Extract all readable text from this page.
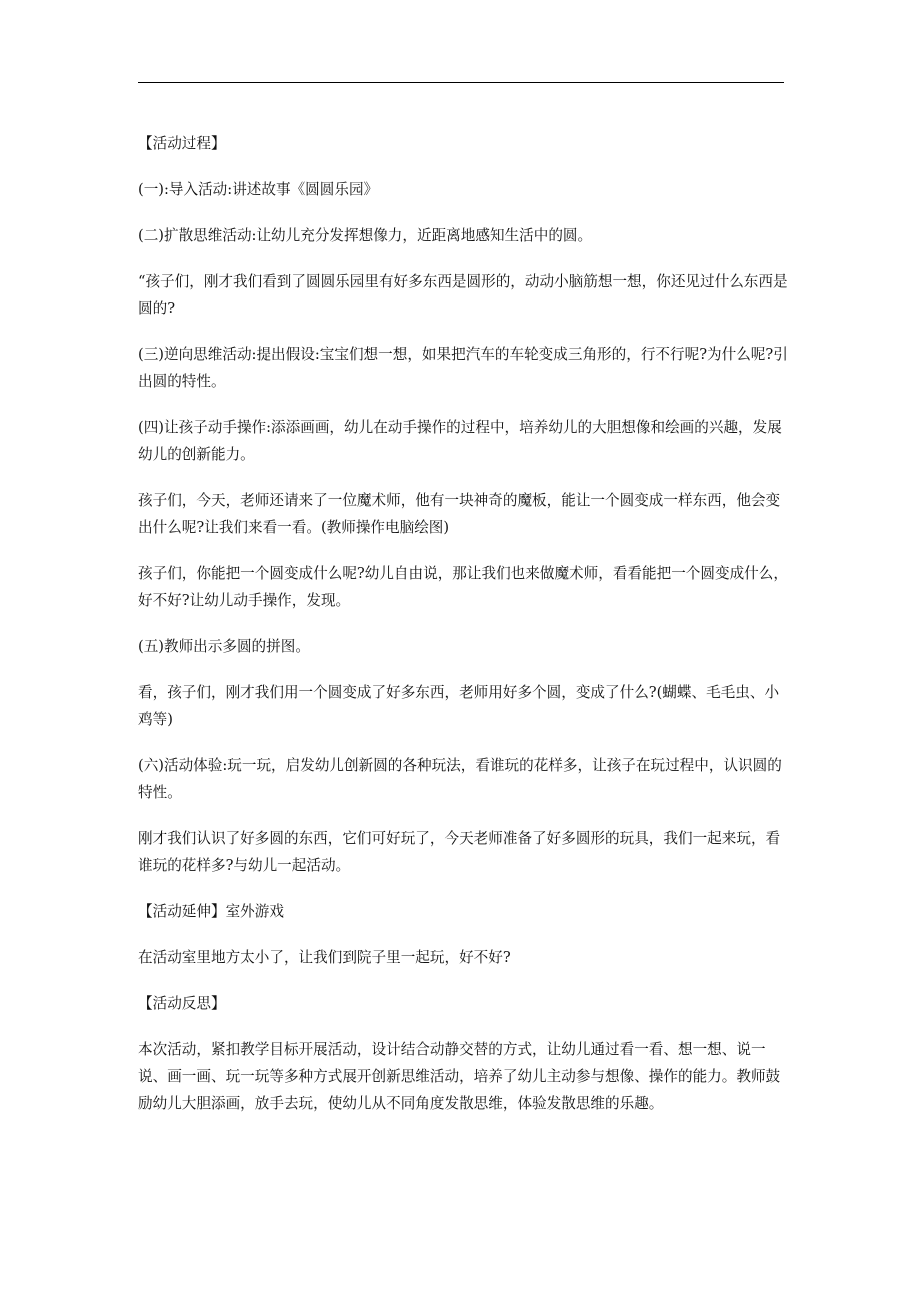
【活动过程】

(一):导入活动:讲述故事《圆圆乐园》

(二)扩散思维活动:让幼儿充分发挥想像力，近距离地感知生活中的圆。

“孩子们，刚才我们看到了圆圆乐园里有好多东西是圆形的，动动小脑筋想一想，你还见过什么东西是圆的?

(三)逆向思维活动:提出假设:宝宝们想一想，如果把汽车的车轮变成三角形的，行不行呢?为什么呢?引出圆的特性。

(四)让孩子动手操作:添添画画，幼儿在动手操作的过程中，培养幼儿的大胆想像和绘画的兴趣，发展幼儿的创新能力。

孩子们，今天，老师还请来了一位魔术师，他有一块神奇的魔板，能让一个圆变成一样东西，他会变出什么呢?让我们来看一看。(教师操作电脑绘图)

孩子们，你能把一个圆变成什么呢?幼儿自由说，那让我们也来做魔术师，看看能把一个圆变成什么，好不好?让幼儿动手操作，发现。

(五)教师出示多圆的拼图。

看，孩子们，刚才我们用一个圆变成了好多东西，老师用好多个圆，变成了什么?(蝴蝶、毛毛虫、小鸡等)

(六)活动体验:玩一玩，启发幼儿创新圆的各种玩法，看谁玩的花样多，让孩子在玩过程中，认识圆的特性。

刚才我们认识了好多圆的东西，它们可好玩了，今天老师准备了好多圆形的玩具，我们一起来玩，看谁玩的花样多?与幼儿一起活动。

【活动延伸】室外游戏

在活动室里地方太小了，让我们到院子里一起玩，好不好?

【活动反思】

本次活动，紧扣教学目标开展活动，设计结合动静交替的方式，让幼儿通过看一看、想一想、说一说、画一画、玩一玩等多种方式展开创新思维活动，培养了幼儿主动参与想像、操作的能力。教师鼓励幼儿大胆添画，放手去玩，使幼儿从不同角度发散思维，体验发散思维的乐趣。
